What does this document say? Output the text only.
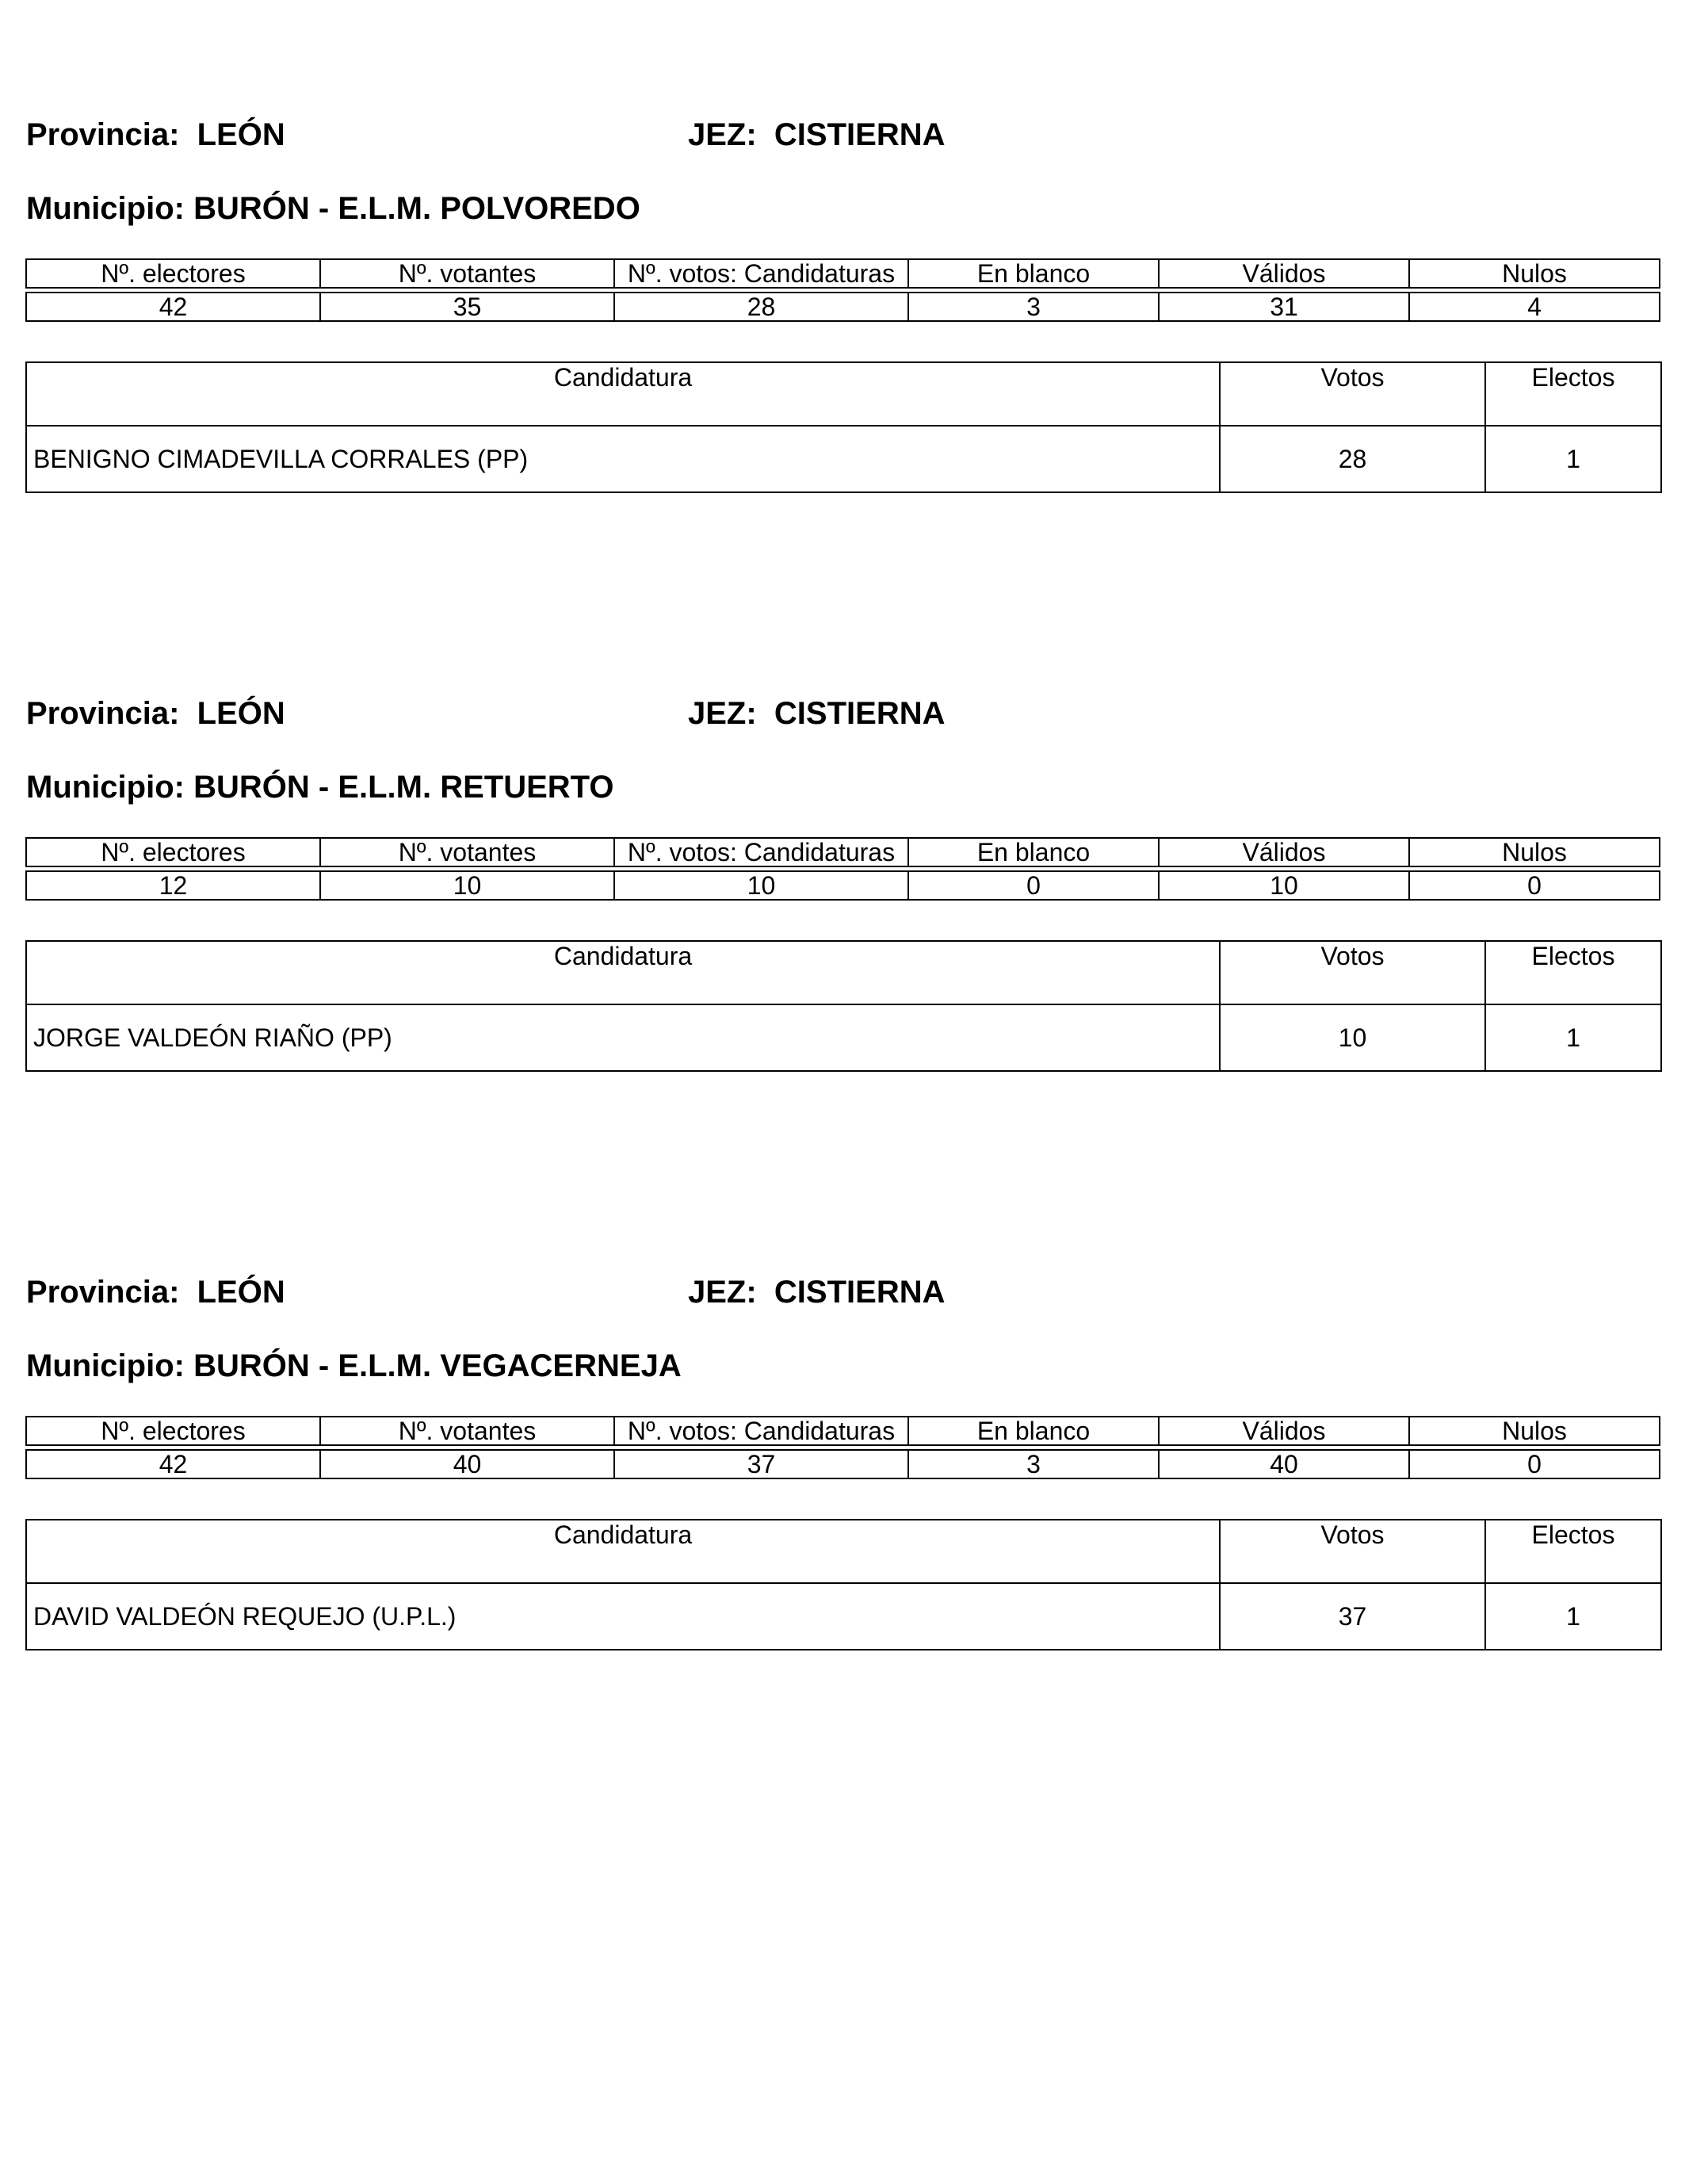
Provincia: LEÓN	JEZ: CISTIERNA
Municipio: BURÓN - E.L.M. POLVOREDO
Nº. electores	Nº. votantes	Nº. votos: Candidaturas	En blanco	Válidos	Nulos

42	35	28	3	31	4
Candidatura	Votos	Electos
BENIGNO CIMADEVILLA CORRALES (PP)	28	1
Provincia: LEÓN	JEZ: CISTIERNA
Municipio: BURÓN - E.L.M. RETUERTO
Nº. electores	Nº. votantes	Nº. votos: Candidaturas	En blanco	Válidos	Nulos

12	10	10	0	10	0
Candidatura	Votos	Electos
JORGE VALDEÓN RIAÑO (PP)	10	1
Provincia: LEÓN	JEZ: CISTIERNA
Municipio: BURÓN - E.L.M. VEGACERNEJA
Nº. electores	Nº. votantes	Nº. votos: Candidaturas	En blanco	Válidos	Nulos

42	40	37	3	40	0
Candidatura	Votos	Electos
DAVID VALDEÓN REQUEJO (U.P.L.)	37	1
